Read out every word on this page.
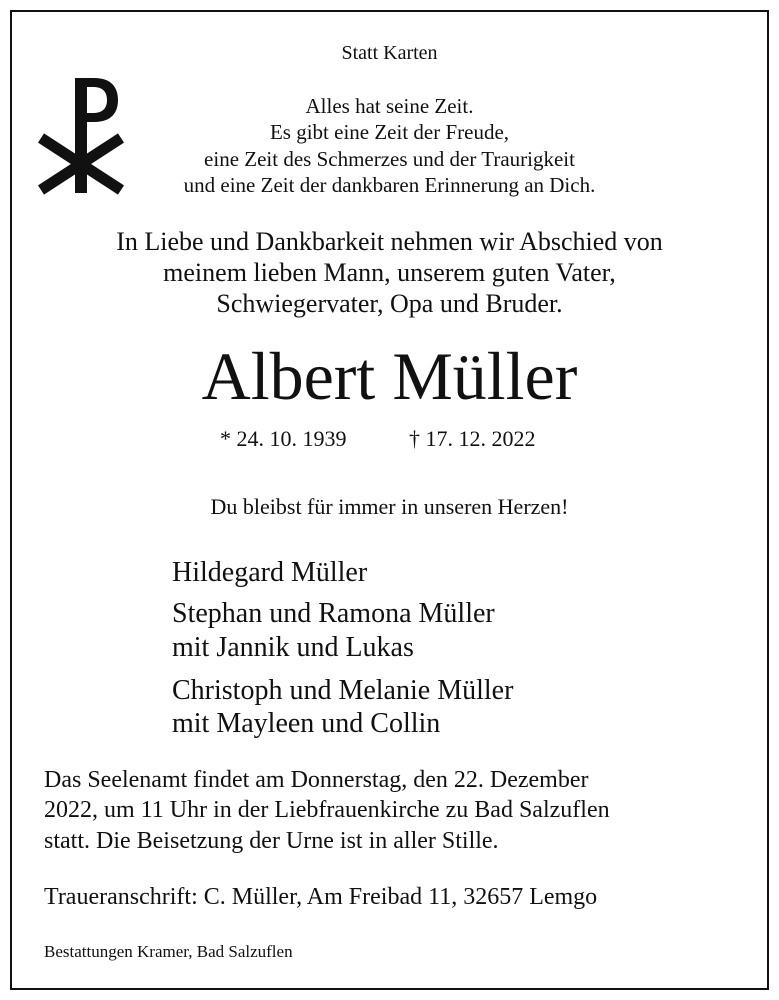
Statt Karten
Alles hat seine Zeit.
Es gibt eine Zeit der Freude,
eine Zeit des Schmerzes und der Traurigkeit
und eine Zeit der dankbaren Erinnerung an Dich.
In Liebe und Dankbarkeit nehmen wir Abschied von
meinem lieben Mann, unserem guten Vater,
Schwiegervater, Opa und Bruder.
Albert Müller
* 24. 10. 1939	† 17. 12. 2022
Du bleibst für immer in unseren Herzen!
Hildegard Müller
Stephan und Ramona Müller
mit Jannik und Lukas
Christoph und Melanie Müller
mit Mayleen und Collin
Das Seelenamt findet am Donnerstag, den 22. Dezember
2022, um 11 Uhr in der Liebfrauenkirche zu Bad Salzuflen
statt. Die Beisetzung der Urne ist in aller Stille.
Traueranschrift: C. Müller, Am Freibad 11, 32657 Lemgo
Bestattungen Kramer, Bad Salzuflen
